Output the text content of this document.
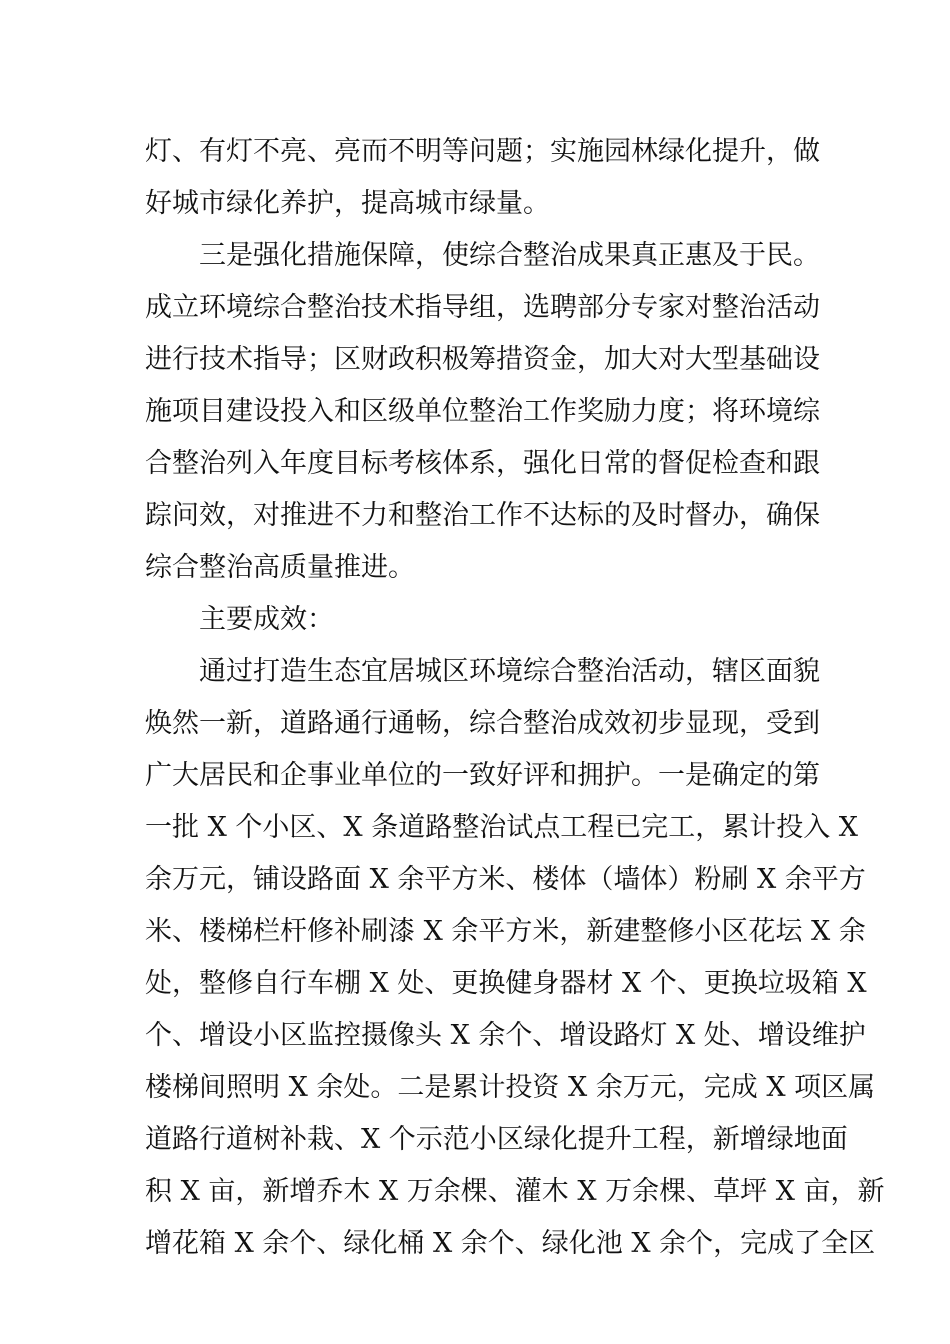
灯、有灯不亮、亮而不明等问题；实施园林绿化提升，做
好城市绿化养护，提高城市绿量。
三是强化措施保障，使综合整治成果真正惠及于民。
成立环境综合整治技术指导组，选聘部分专家对整治活动
进行技术指导；区财政积极筹措资金，加大对大型基础设
施项目建设投入和区级单位整治工作奖励力度；将环境综
合整治列入年度目标考核体系，强化日常的督促检查和跟
踪问效，对推进不力和整治工作不达标的及时督办，确保
综合整治高质量推进。
主要成效：
通过打造生态宜居城区环境综合整治活动，辖区面貌
焕然一新，道路通行通畅，综合整治成效初步显现，受到
广大居民和企事业单位的一致好评和拥护。一是确定的第
一批 X 个小区、X 条道路整治试点工程已完工，累计投入 X
余万元，铺设路面 X 余平方米、楼体（墙体）粉刷 X 余平方
米、楼梯栏杆修补刷漆 X 余平方米，新建整修小区花坛 X 余
处，整修自行车棚 X 处、更换健身器材 X 个、更换垃圾箱 X
个、增设小区监控摄像头 X 余个、增设路灯 X 处、增设维护
楼梯间照明 X 余处。二是累计投资 X 余万元，完成 X 项区属
道路行道树补栽、X 个示范小区绿化提升工程，新增绿地面
积 X 亩，新增乔木 X 万余棵、灌木 X 万余棵、草坪 X 亩，新
增花箱 X 余个、绿化桶 X 余个、绿化池 X 余个，完成了全区
